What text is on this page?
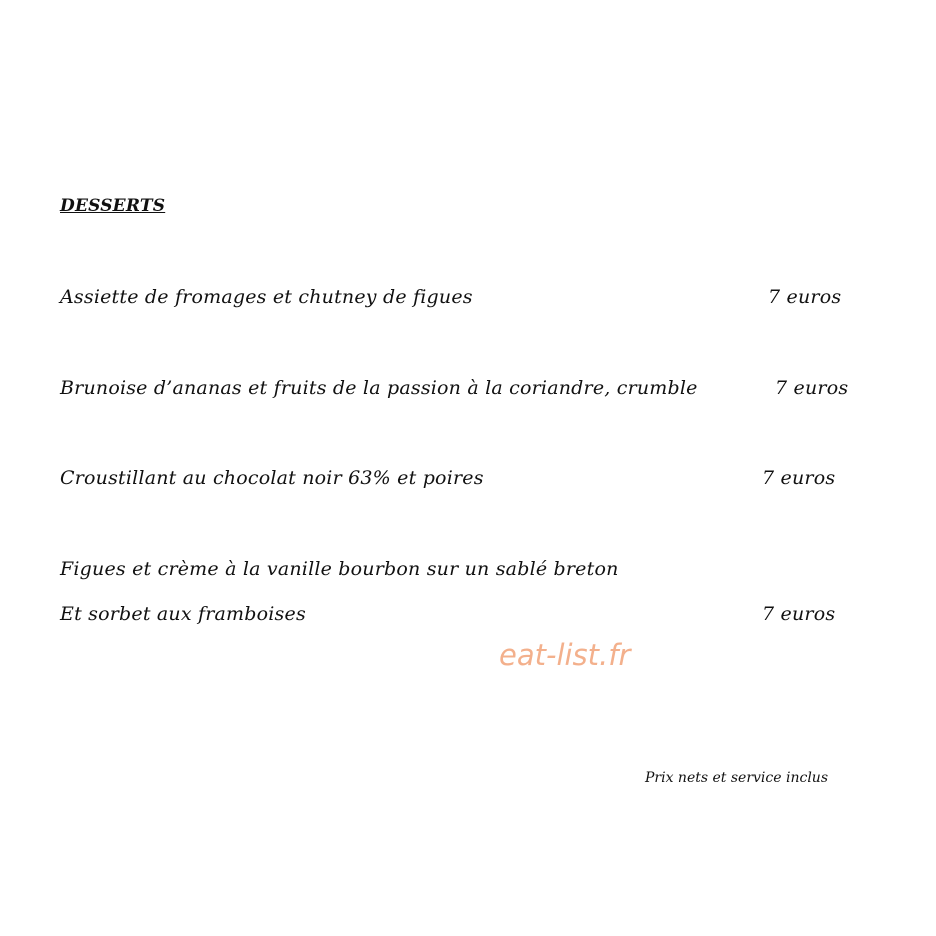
DESSERTS
Assiette de fromages et chutney de figues	7 euros
Brunoise d’ananas et fruits de la passion à la coriandre, crumble	7 euros
Croustillant au chocolat noir 63% et poires	7 euros
Figues et crème à la vanille bourbon sur un sablé breton
Et sorbet aux framboises	7 euros
eat-list.fr
Prix nets et service inclus
